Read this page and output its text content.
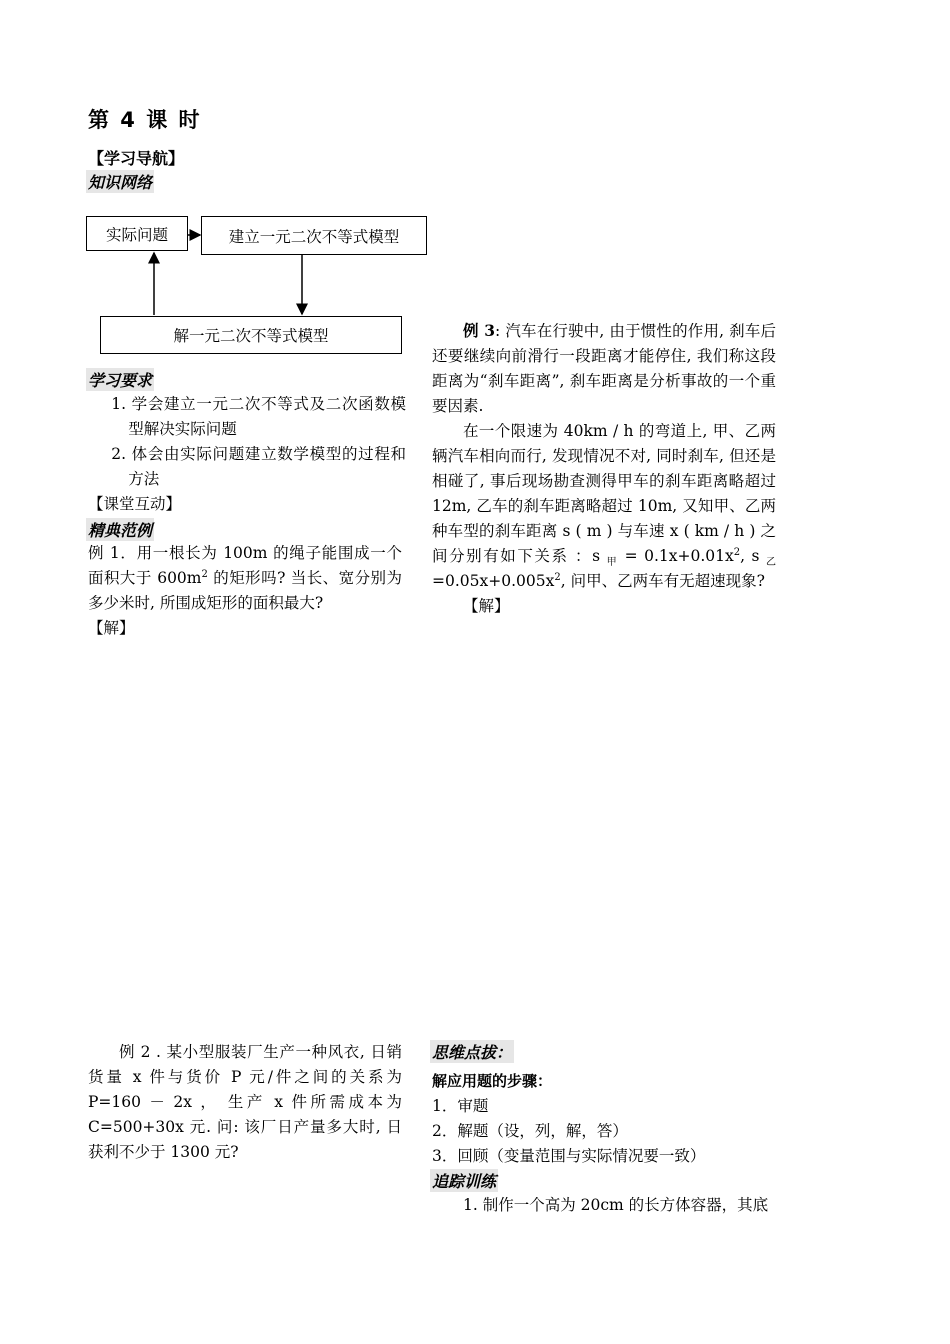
第 4 课 时
【学习导航】
知识网络
实际问题	建立一元二次不等式模型
解一元二次不等式模型
学习要求

1. 学会建立一元二次不等式及二次函数模型解决实际问题

2. 体会由实际问题建立数学模型的过程和方法

【课堂互动】

精典范例

例 1．用一根长为 100m 的绳子能围成一个面积大于 $600m^2$ 的矩形吗? 当长、宽分别为多少米时, 所围成矩形的面积最大?

【解】

例 3: 汽车在行驶中, 由于惯性的作用, 刹车后还要继续向前滑行一段距离才能停住, 我们称这段距离为“刹车距离”, 刹车距离是分析事故的一个重要因素.

在一个限速为 40km / h 的弯道上, 甲、乙两辆汽车相向而行, 发现情况不对, 同时刹车, 但还是相碰了, 事后现场勘查测得甲车的刹车距离略超过 12m, 乙车的刹车距离略超过 10m, 又知甲、乙两种车型的刹车距离 s ( m ) 与车速 x ( km / h ) 之间分别有如下关系 ：s $_甲 = 0.1x+0.01x^2$, s $_乙=0.05x+0.005x^2$, 问甲、乙两车有无超速现象?

【解】

例 2 . 某小型服装厂生产一种风衣, 日销货量 x 件与货价 P 元/件之间的关系为 P=160 － 2x ， 生产 x 件所需成本为 C=500+30x 元. 问: 该厂日产量多大时, 日获利不少于 1300 元?

思维点拔：
解应用题的步骤：

1．审题

2．解题（设，列，解，答）

3．回顾（变量范围与实际情况要一致）

追踪训练

1. 制作一个高为 20cm 的长方体容器，其底
